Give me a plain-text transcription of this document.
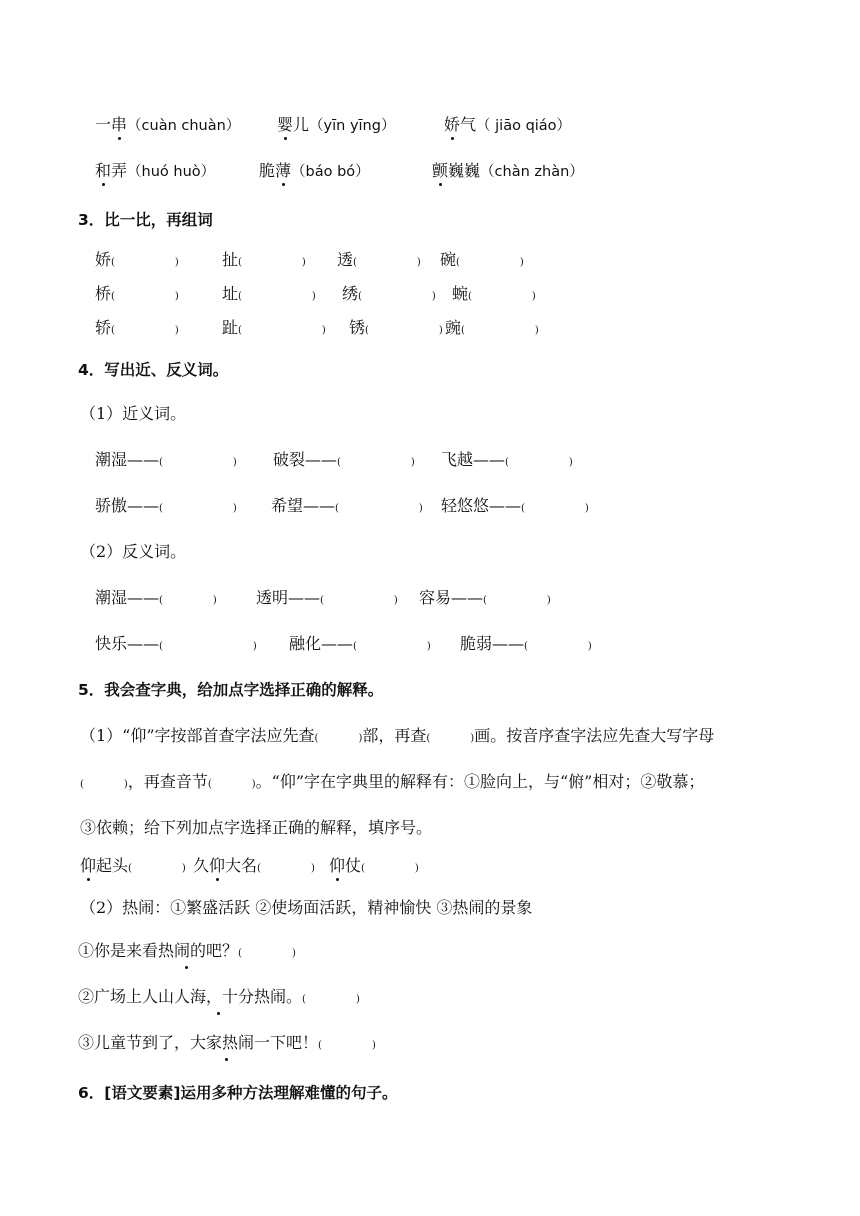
一串（cuàn chuàn） 婴儿（yīn yīng）	娇气（ jiāo qiáo）
和弄（huó huò）	脆薄（báo bó）	颤巍巍（chàn zhàn）
3．比一比，再组词
娇(      )	扯(      ) 透(      ) 碗(      )
桥(      )	址(       ) 绣(       ) 蜿(      )
轿(      )	趾(        ) 锈(       ) 豌(       )
4．写出近、反义词。
（1）近义词。
潮湿——(       ) 破裂——(       ) 飞越——(      )
骄傲——(       ) 希望——(        ) 轻悠悠——(      )
（2）反义词。
潮湿——(     ) 透明——(       ) 容易——(      )
快乐——(         ) 融化——(       ) 脆弱——(      )
5．我会查字典，给加点字选择正确的解释。
（1）“仰”字按部首查字法应先查(    )部，再查(    )画。按音序查字法应先查大写字母
(    )，再查音节(    )。“仰”字在字典里的解释有：①脸向上，与“俯”相对；②敬慕；
③依赖；给下列加点字选择正确的解释，填序号。
仰起头(     ) 久仰大名(     ) 仰仗(     )
（2）热闹：①繁盛活跃 ②使场面活跃，精神愉快 ③热闹的景象
①你是来看热闹的吧？(     )
②广场上人山人海，十分热闹。(     )
③儿童节到了，大家热闹一下吧！(     )
6．[语文要素]运用多种方法理解难懂的句子。
